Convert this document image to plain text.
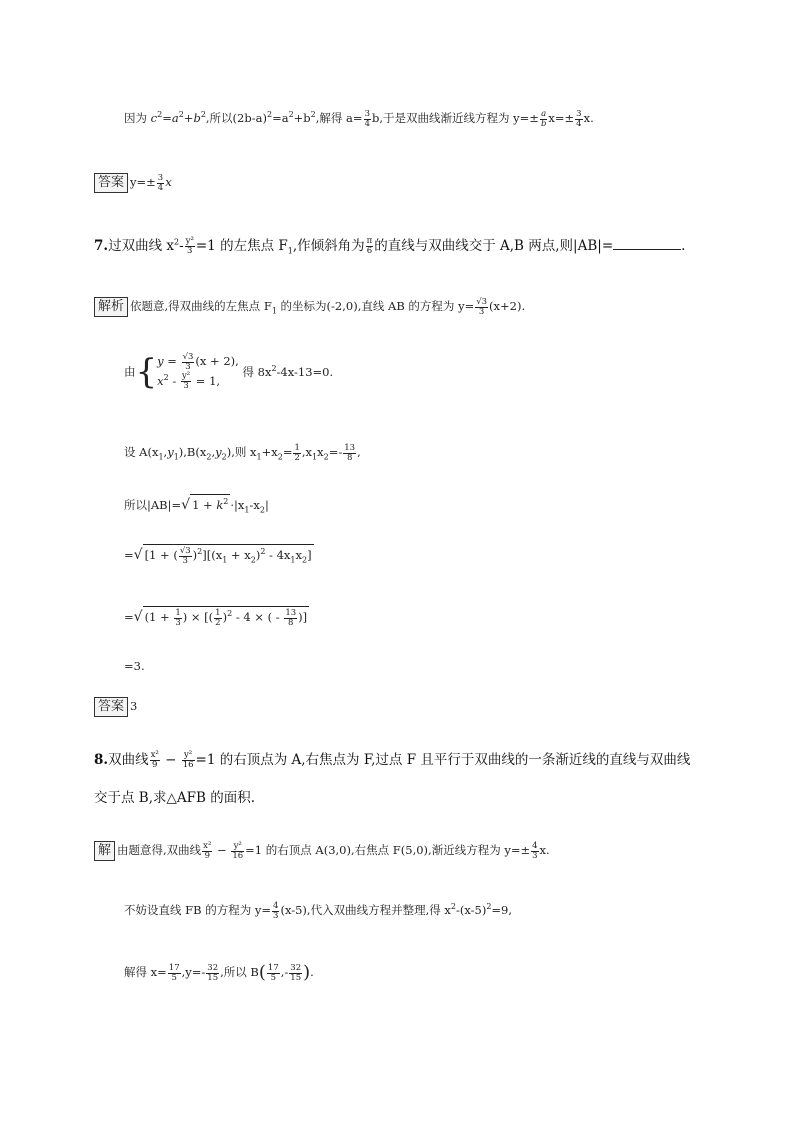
因为 $c^2=a^2+b^2$,所以$(2b-a)^2=a^2+b^2$,解得 $a= \frac{3}{4} b$,于是双曲线渐近线方程为 $y=\pm \frac{a}{b} x=\pm \frac{3}{4} x$.
答案 $y=\pm \frac{3}{4}$ x
7.过双曲线 $x^2- \frac{\text{y²}}{3} =1$ 的左焦点 $F_1$,作倾斜角为 $\frac{\pi}{6}$ 的直线与双曲线交于 A,B 两点,则|AB|=	.
解析 依题意,得双曲线的左焦点 $F_1$ 的坐标为(-2,0),直线 AB 的方程为 $y= \frac{√3}{3} (x+2)$.
由{ $y = \frac{√3}{3} (x + 2)$,
$x^2 - \frac{\text{y²}}{3} = 1$,
得 $8x^2-4x-13=0$.
设 $A(x_1,y_1),B(x_2,y_2)$,则 $x_1+x_2= \frac{1}{2} ,x_1x_2=- \frac{13}{8}$ ,
所以|AB|=√ $1 + k^2 \cdot|x_1-x_2|$
=√ [1 + ( $\frac{√3}{3} )^2][(x_1 + x_2)^2 - 4x_1x_2]$
=√ ($1 + \frac{1}{3}$ ) × [( $\frac{1}{2} )^2 - 4$ × ( - $\frac{13}{8}$ )]
=3.
答案 3
8.双曲线 $\frac{\text{x²}}{9} - \frac{\text{y²}}{16} =1$ 的右顶点为 A,右焦点为 F,过点 F 且平行于双曲线的一条渐近线的直线与双曲线
交于点 B,求△AFB 的面积.
解 由题意得,双曲线 $\frac{\text{x²}}{9} - \frac{\text{y²}}{16} =1$ 的右顶点 A(3,0),右焦点 F(5,0),渐近线方程为 $y=\pm \frac{4}{3} x$.
不妨设直线 FB 的方程为 $y= \frac{4}{3} (x-5)$,代入双曲线方程并整理,得 $x^2-(x-5)^2=9$,
解得 $x= \frac{17}{5} ,y=- \frac{32}{15}$ ,所以 $B( \frac{17}{5}$ ,- $\frac{32}{15}$ ).
